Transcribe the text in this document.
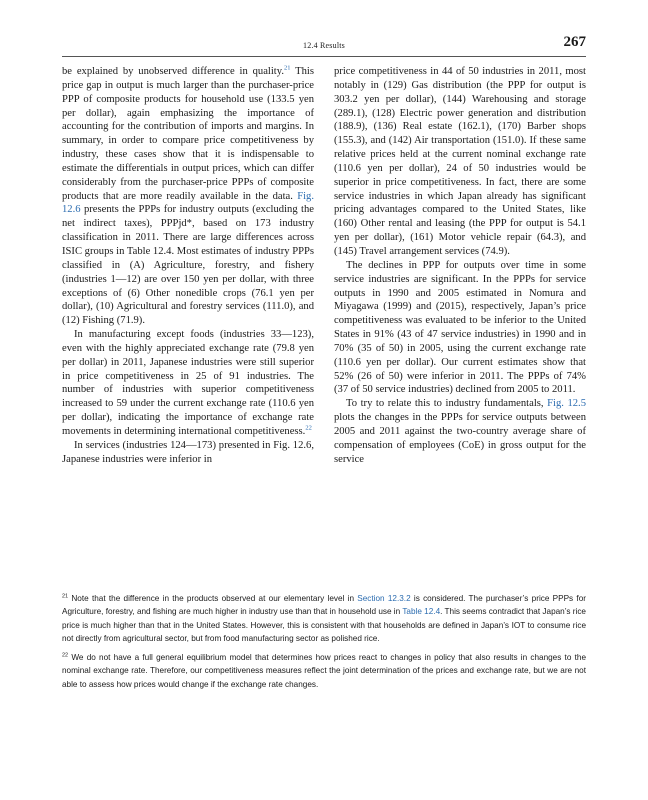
12.4 Results	267

be explained by unobserved difference in quality.$^{21}$ This price gap in output is much larger than the purchaser-price PPP of composite products for household use (133.5 yen per dollar), again emphasizing the importance of accounting for the contribution of imports and margins. In summary, in order to compare price competitiveness by industry, these cases show that it is indispensable to estimate the differentials in output prices, which can differ considerably from the purchaser-price PPPs of composite products that are more readily available in the data. Fig. 12.6 presents the PPPs for industry outputs (excluding the net indirect taxes), PPPjd*, based on 173 industry classification in 2011. There are large differences across ISIC groups in Table 12.4. Most estimates of industry PPPs classified in (A) Agriculture, forestry, and fishery (industries 1—12) are over 150 yen per dollar, with three exceptions of (6) Other nonedible crops (76.1 yen per dollar), (10) Agricultural and forestry services (111.0), and (12) Fishing (71.9).

In manufacturing except foods (industries 33—123), even with the highly appreciated exchange rate (79.8 yen per dollar) in 2011, Japanese industries were still superior in price competitiveness in 25 of 91 industries. The number of industries with superior competitiveness increased to 59 under the current exchange rate (110.6 yen per dollar), indicating the importance of exchange rate movements in determining international competitiveness.$^{22}$

In services (industries 124—173) presented in Fig. 12.6, Japanese industries were inferior in

price competitiveness in 44 of 50 industries in 2011, most notably in (129) Gas distribution (the PPP for output is 303.2 yen per dollar), (144) Warehousing and storage (289.1), (128) Electric power generation and distribution (188.9), (136) Real estate (162.1), (170) Barber shops (155.3), and (142) Air transportation (151.0). If these same relative prices held at the current nominal exchange rate (110.6 yen per dollar), 24 of 50 industries would be superior in price competitiveness. In fact, there are some service industries in which Japan already has significant pricing advantages compared to the United States, like (160) Other rental and leasing (the PPP for output is 54.1 yen per dollar), (161) Motor vehicle repair (64.3), and (145) Travel arrangement services (74.9).

The declines in PPP for outputs over time in some service industries are significant. In the PPPs for service outputs in 1990 and 2005 estimated in Nomura and Miyagawa (1999) and (2015), respectively, Japan’s price competitiveness was evaluated to be inferior to the United States in 91% (43 of 47 service industries) in 1990 and in 70% (35 of 50) in 2005, using the current exchange rate (110.6 yen per dollar). Our current estimates show that 52% (26 of 50) were inferior in 2011. The PPPs of 74% (37 of 50 service industries) declined from 2005 to 2011.

To try to relate this to industry fundamentals, Fig. 12.5 plots the changes in the PPPs for service outputs between 2005 and 2011 against the two-country average share of compensation of employees (CoE) in gross output for the service

$^{21}$ Note that the difference in the products observed at our elementary level in Section 12.3.2 is considered. The purchaser’s price PPPs for Agriculture, forestry, and fishing are much higher in industry use than that in household use in Table 12.4. This seems contradict that Japan’s rice price is much higher than that in the United States. However, this is consistent with that households are defined in Japan’s IOT to consume rice not directly from agricultural sector, but from food manufacturing sector as polished rice.

$^{22}$ We do not have a full general equilibrium model that determines how prices react to changes in policy that also results in changes to the nominal exchange rate. Therefore, our competitiveness measures reflect the joint determination of the prices and exchange rate, but we are not able to assess how prices would change if the exchange rate changes.
